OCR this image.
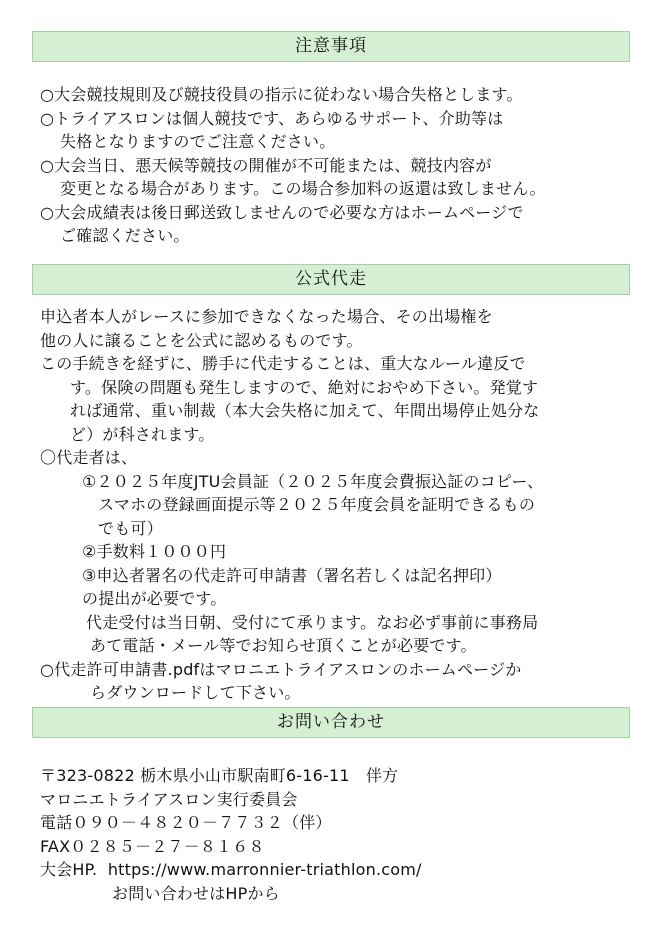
注意事項
○大会競技規則及び競技役員の指示に従わない場合失格とします。
○トライアスロンは個人競技です、あらゆるサポート、介助等は
失格となりますのでご注意ください。
○大会当日、悪天候等競技の開催が不可能または、競技内容が
変更となる場合があります。この場合参加料の返還は致しません。
○大会成績表は後日郵送致しませんので必要な方はホームページで
ご確認ください。
公式代走
申込者本人がレースに参加できなくなった場合、その出場権を
他の人に譲ることを公式に認めるものです。
この手続きを経ずに、勝手に代走することは、重大なルール違反で
す。保険の問題も発生しますので、絶対におやめ下さい。発覚す
れば通常、重い制裁（本大会失格に加えて、年間出場停止処分な
ど）が科されます。
〇代走者は、
①２０２５年度JTU会員証（２０２５年度会費振込証のコピー、
スマホの登録画面提示等２０２５年度会員を証明できるもの
でも可）
②手数料１０００円
③申込者署名の代走許可申請書（署名若しくは記名押印）
の提出が必要です。
代走受付は当日朝、受付にて承ります。なお必ず事前に事務局
あて電話・メール等でお知らせ頂くことが必要です。
○代走許可申請書.pdfはマロニエトライアスロンのホームページか
らダウンロードして下さい。
お問い合わせ
〒323-0822 栃木県小山市駅南町6-16-11　伴方
マロニエトライアスロン実行委員会
電話０９０－４８２０－７７３２（伴）
FAX０２８５－２７－８１６８
大会HP.  https://www.marronnier-triathlon.com/
お問い合わせはHPから
